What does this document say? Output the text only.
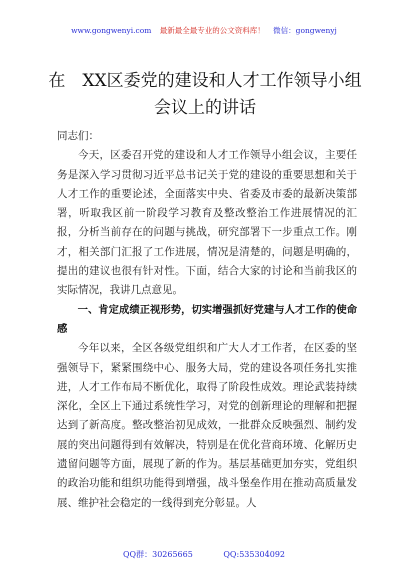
www.gongwenyi.com 最新最全最专业的公文资料库！ 微信：gongwenyj
在　XX区委党的建设和人才工作领导小组会议上的讲话

同志们：

今天，区委召开党的建设和人才工作领导小组会议，主要任务是深入学习贯彻习近平总书记关于党的建设的重要思想和关于人才工作的重要论述，全面落实中央、省委及市委的最新决策部署，听取我区前一阶段学习教育及整改整治工作进展情况的汇报，分析当前存在的问题与挑战，研究部署下一步重点工作。刚才，相关部门汇报了工作进展，情况是清楚的，问题是明确的，提出的建议也很有针对性。下面，结合大家的讨论和当前我区的实际情况，我讲几点意见。

一、肯定成绩正视形势，切实增强抓好党建与人才工作的使命感

今年以来，全区各级党组织和广大人才工作者，在区委的坚强领导下，紧紧围绕中心、服务大局，党的建设各项任务扎实推进，人才工作布局不断优化，取得了阶段性成效。理论武装持续深化，全区上下通过系统性学习，对党的创新理论的理解和把握达到了新高度。整改整治初见成效，一批群众反映强烈、制约发展的突出问题得到有效解决，特别是在优化营商环境、化解历史遗留问题等方面，展现了新的作为。基层基础更加夯实，党组织的政治功能和组织功能得到增强，战斗堡垒作用在推动高质量发展、维护社会稳定的一线得到充分彰显。人

QQ群：30265665	QQ:535304092
